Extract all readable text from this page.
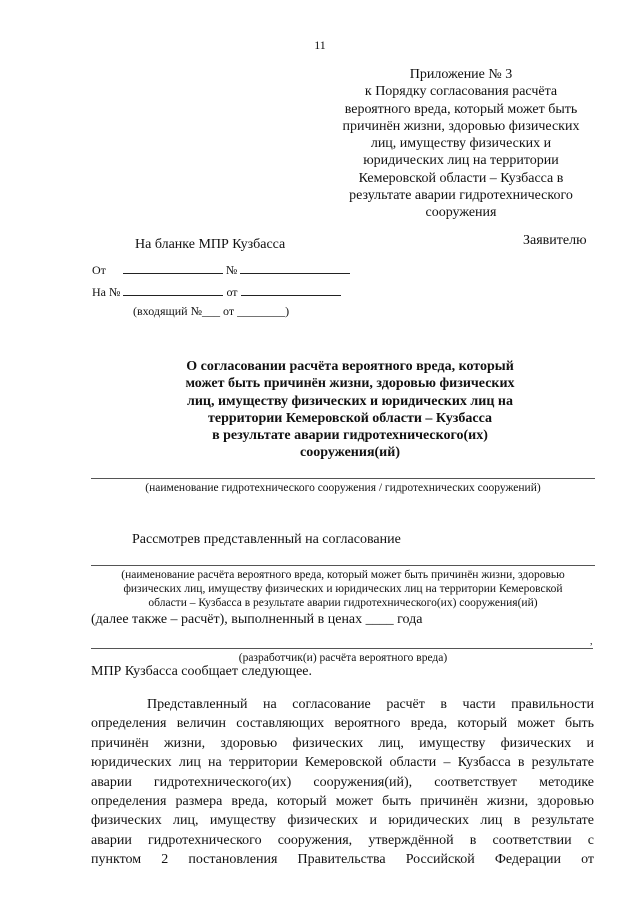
11
Приложение № 3
к Порядку согласования расчёта
вероятного вреда, который может быть
причинён жизни, здоровью физических
лиц, имуществу физических и
юридических лиц на территории
Кемеровской области – Кузбасса в
результате аварии гидротехнического
сооружения
На бланке МПР Кузбасса	Заявителю
От	№
На №	от
(входящий №___ от ________)
О согласовании расчёта вероятного вреда, который
может быть причинён жизни, здоровью физических
лиц, имуществу физических и юридических лиц на
территории Кемеровской области – Кузбасса
в результате аварии гидротехнического(их)
сооружения(ий)
(наименование гидротехнического сооружения / гидротехнических сооружений)
Рассмотрев представленный на согласование
(наименование расчёта вероятного вреда, который может быть причинён жизни, здоровью
физических лиц, имуществу физических и юридических лиц на территории Кемеровской
области – Кузбасса в результате аварии гидротехнического(их) сооружения(ий)
(далее также – расчёт), выполненный в ценах ____ года
,
(разработчик(и) расчёта вероятного вреда)
МПР Кузбасса сообщает следующее.
Представленный на согласование расчёт в части правильности
определения величин составляющих вероятного вреда, который может быть
причинён жизни, здоровью физических лиц, имуществу физических и
юридических лиц на территории Кемеровской области – Кузбасса в результате
аварии гидротехнического(их) сооружения(ий), соответствует методике
определения размера вреда, который может быть причинён жизни, здоровью
физических лиц, имуществу физических и юридических лиц в результате
аварии гидротехнического сооружения, утверждённой в соответствии с
пунктом 2 постановления Правительства Российской Федерации от
